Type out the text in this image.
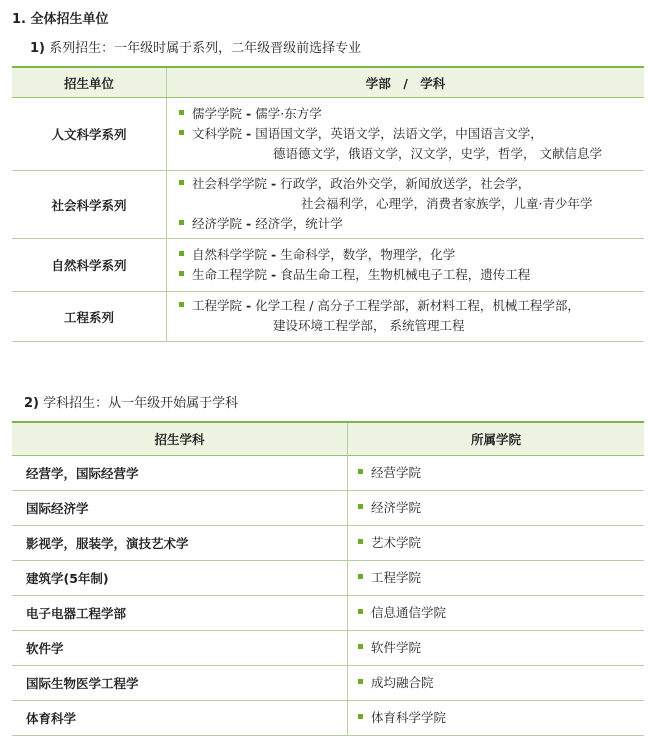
1. 全体招生单位
1) 系列招生：一年级时属于系列，二年级晋级前选择专业
招生单位	学部　/　学科
人文科学系列	儒学学院 - 儒学·东方学
文科学院 - 国语国文学，英语文学，法语文学，中国语言文学，
德语德文学，俄语文学，汉文学，史学，哲学， 文献信息学

社会科学系列	社会科学学院 - 行政学，政治外交学，新闻放送学，社会学，
社会福利学，心理学，消费者家族学，儿童·青少年学
经济学院 - 经济学，统计学

自然科学系列	自然科学学院 - 生命科学，数学，物理学，化学
生命工程学院 - 食品生命工程，生物机械电子工程，遗传工程

工程系列	工程学院 - 化学工程 / 高分子工程学部，新材料工程，机械工程学部，
建设环境工程学部， 系统管理工程
2) 学科招生：从一年级开始属于学科
招生学科	所属学院
经营学，国际经营学	经营学院

国际经济学	经济学院

影视学，服装学，演技艺术学	艺术学院

建筑学(5年制)	工程学院

电子电器工程学部	信息通信学院

软件学	软件学院

国际生物医学工程学	成均融合院

体育科学	体育科学学院
